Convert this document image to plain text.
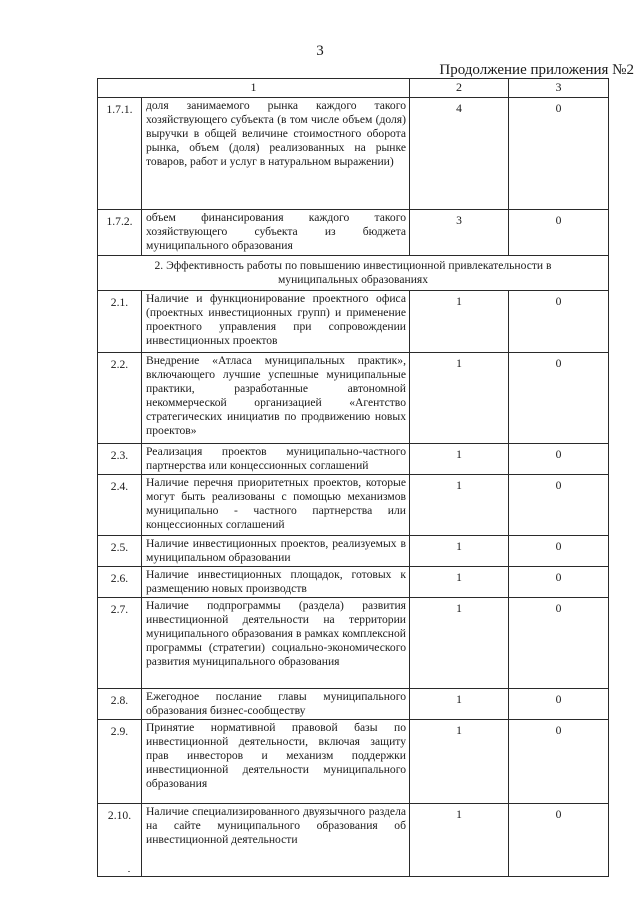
3
Продолжение приложения №2
1		2	3
1.7.1.	доля занимаемого рынка каждого такого хозяйствующего субъекта (в том числе объем (доля) выручки в общей величине стоимостного оборота рынка, объем (доля) реализованных на рынке товаров, работ и услуг в натуральном выражении)	4	0
1.7.2.	объем финансирования каждого такого хозяйствующего субъекта из бюджета муниципального образования	3	0
2. Эффективность работы по повышению инвестиционной привлекательности в муниципальных образованиях			
2.1.	Наличие и функционирование проектного офиса (проектных инвестиционных групп) и применение проектного управления при сопровождении инвестиционных проектов	1	0
2.2.	Внедрение «Атласа муниципальных практик», включающего лучшие успешные муниципальные практики, разработанные автономной некоммерческой организацией «Агентство стратегических инициатив по продвижению новых проектов»	1	0
2.3.	Реализация проектов муниципально-частного партнерства или концессионных соглашений	1	0
2.4.	Наличие перечня приоритетных проектов, которые могут быть реализованы с помощью механизмов муниципально - частного партнерства или концессионных соглашений	1	0
2.5.	Наличие инвестиционных проектов, реализуемых в муниципальном образовании	1	0
2.6.	Наличие инвестиционных площадок, готовых к размещению новых производств	1	0
2.7.	Наличие подпрограммы (раздела) развития инвестиционной деятельности на территории муниципального образования в рамках комплексной программы (стратегии) социально-экономического развития муниципального образования	1	0
2.8.	Ежегодное послание главы муниципального образования бизнес-сообществу	1	0
2.9.	Принятие нормативной правовой базы по инвестиционной деятельности, включая защиту прав инвесторов и механизм поддержки инвестиционной деятельности муниципального образования	1	0
2.10.	Наличие специализированного двуязычного раздела на сайте муниципального образования об инвестиционной деятельности	1	0
